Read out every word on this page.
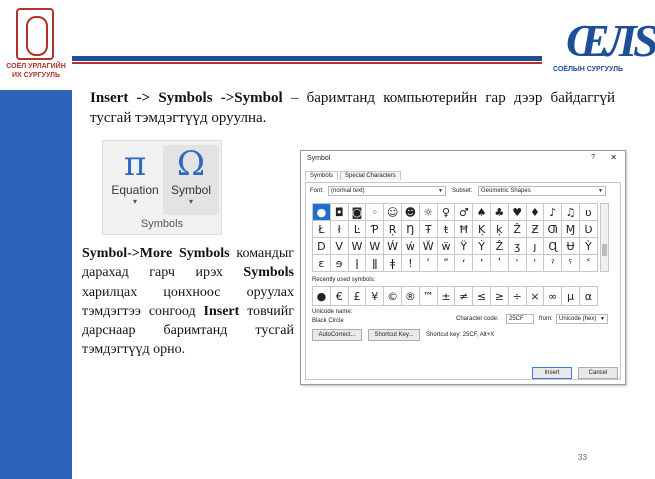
СОЁЛ УРЛАГИЙН ИХ СУРГУУЛЬ
ŒЛS
СОЁЛЫН СУРГУУЛЬ
Insert -> Symbols ->Symbol – баримтанд компьютерийн гар дээр байдаггүй тусгай тэмдэгтүүд оруулна.
π
Equation
▾
Ω
Symbol
▾
Symbols
Symbol->More Symbols командыг дарахад гарч ирэх Symbols харилцах цонхноос оруулах тэмдэгтээ сонгоод Insert товчийг дарснаар баримтанд тусгай тэмдэгтүүд орно.
Symbol	? ✕
Symbols Special Characters
Font:	(normal text)	▼ Subset:	Geometric Shapes	▼
● ◘ ◙ ◦ ☺ ☻ ☼ ♀ ♂ ♠ ♣ ♥ ♦ ♪ ♫ ʋ
Ł	ł	Ŀ	Ƥ Ŗ Ŋ Ŧ	ŧ Ħ Ķ	ķ Ẑ Ƶ Ƣ Ɱ Ʋ
D V W W Ẃ ẃ Ẅ ẅ Ÿ	Ẏ Ẑ ʒ	ȷ	Ɋ Ʉ Ỳ
ɛ	ɘ	ǀ	ǁ	ǂ	ǃ	ʹ	ʺ	ʻ	ʼ	ʽ	ʾ	ʿ	ˀ	ˁ	˂
Recently used symbols:
● € £ ¥ © ® ™ ± ≠ ≤ ≥ ÷ × ∞ µ α
Unicode name:
Black Circle	Character code:	25CF	from:	Unicode (hex) ▼
AutoCorrect...	Shortcut Key...	Shortcut key: 25CF, Alt+X
Insert	Cancel
33
